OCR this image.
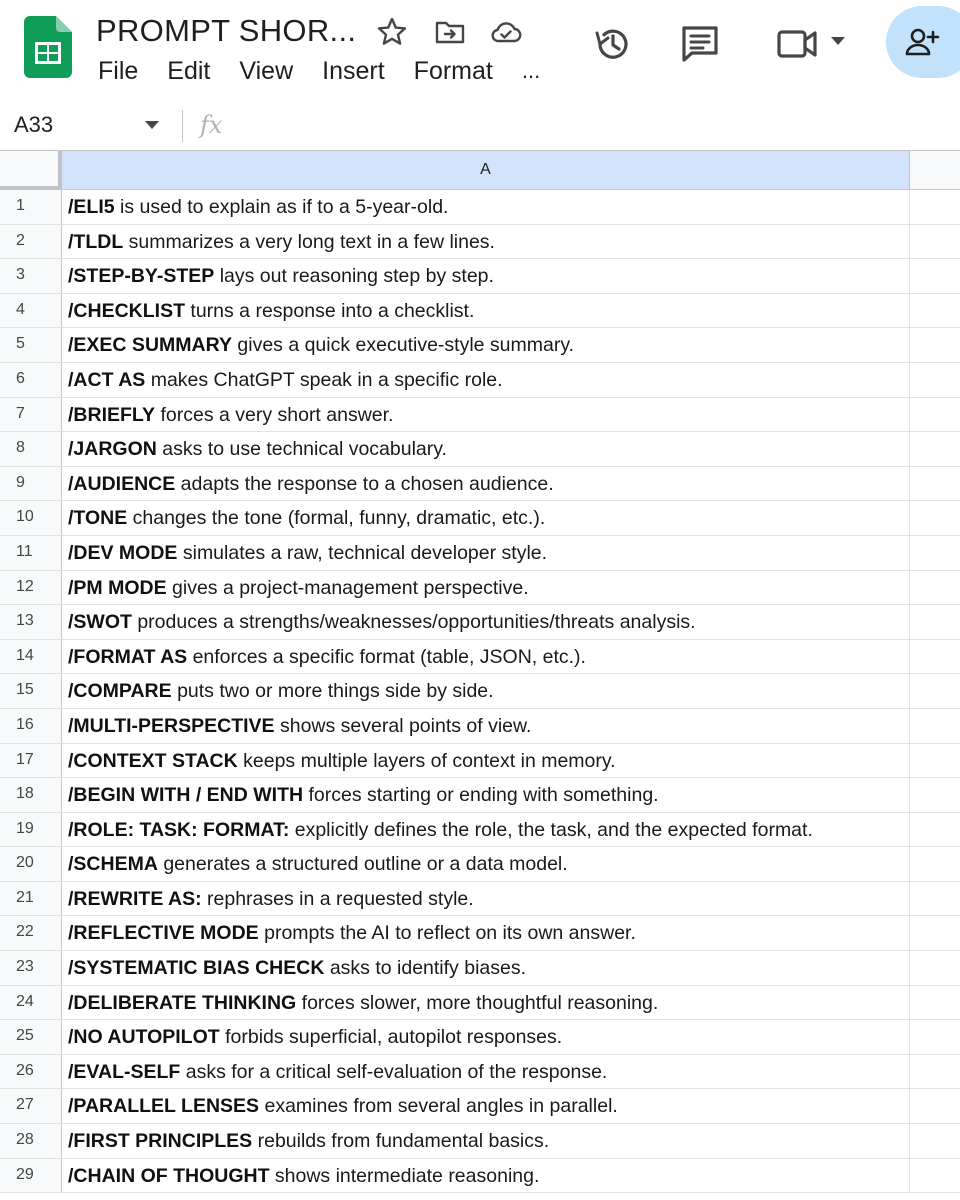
PROMPT SHOR...
File Edit View Insert Format ...
A33	fx
A
1	/ELI5 is used to explain as if to a 5-year-old.
2	/TLDL summarizes a very long text in a few lines.
3	/STEP-BY-STEP lays out reasoning step by step.
4	/CHECKLIST turns a response into a checklist.
5	/EXEC SUMMARY gives a quick executive-style summary.
6	/ACT AS makes ChatGPT speak in a specific role.
7	/BRIEFLY forces a very short answer.
8	/JARGON asks to use technical vocabulary.
9	/AUDIENCE adapts the response to a chosen audience.
10	/TONE changes the tone (formal, funny, dramatic, etc.).
11	/DEV MODE simulates a raw, technical developer style.
12	/PM MODE gives a project-management perspective.
13	/SWOT produces a strengths/weaknesses/opportunities/threats analysis.
14	/FORMAT AS enforces a specific format (table, JSON, etc.).
15	/COMPARE puts two or more things side by side.
16	/MULTI-PERSPECTIVE shows several points of view.
17	/CONTEXT STACK keeps multiple layers of context in memory.
18	/BEGIN WITH / END WITH forces starting or ending with something.
19	/ROLE: TASK: FORMAT: explicitly defines the role, the task, and the expected format.
20	/SCHEMA generates a structured outline or a data model.
21	/REWRITE AS: rephrases in a requested style.
22	/REFLECTIVE MODE prompts the AI to reflect on its own answer.
23	/SYSTEMATIC BIAS CHECK asks to identify biases.
24	/DELIBERATE THINKING forces slower, more thoughtful reasoning.
25	/NO AUTOPILOT forbids superficial, autopilot responses.
26	/EVAL-SELF asks for a critical self-evaluation of the response.
27	/PARALLEL LENSES examines from several angles in parallel.
28	/FIRST PRINCIPLES rebuilds from fundamental basics.
29	/CHAIN OF THOUGHT shows intermediate reasoning.
